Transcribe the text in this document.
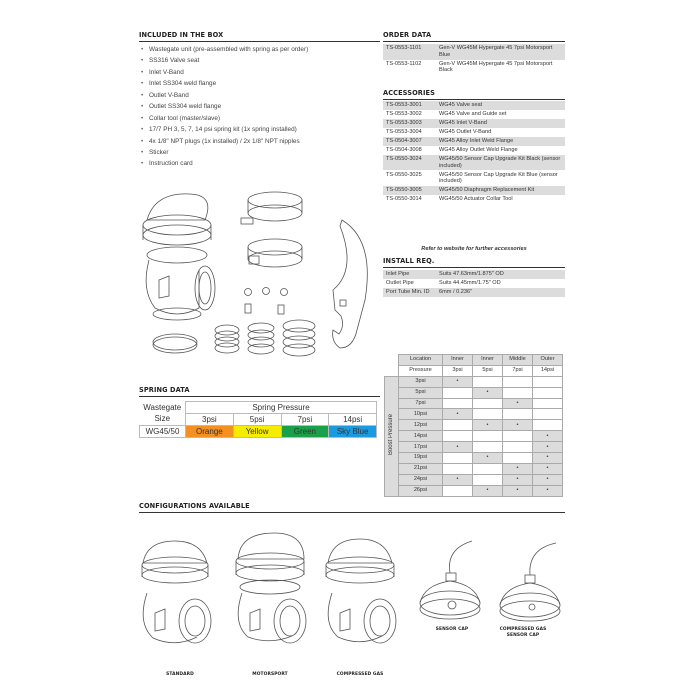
INCLUDED IN THE BOX
• Wastegate unit (pre-assembled with spring as per order)
• SS316 Valve seat
• Inlet V-Band
• Inlet SS304 weld flange
• Outlet V-Band
• Outlet SS304 weld flange
• Collar tool (master/slave)
• 17/7 PH 3, 5, 7, 14 psi spring kit (1x spring installed)
• 4x 1/8" NPT plugs (1x installed) / 2x 1/8" NPT nipples
• Sticker
• Instruction card
ORDER DATA
TS-0553-1101	Gen-V WG45M Hypergate 45 7psi Motorsport Blue
TS-0553-1102	Gen-V WG45M Hypergate 45 7psi Motorsport Black
ACCESSORIES
TS-0553-3001	WG45 Valve seat
TS-0553-3002	WG45 Valve and Guide set
TS-0553-3003	WG45 Inlet V-Band
TS-0553-3004	WG45 Outlet V-Band
TS-0504-3007	WG45 Alloy Inlet Weld Flange
TS-0504-3008	WG45 Alloy Outlet Weld Flange
TS-0550-3024	WG45/50 Sensor Cap Upgrade Kit Black (sensor included)
TS-0550-3025	WG45/50 Sensor Cap Upgrade Kit Blue (sensor included)
TS-0550-3005	WG45/50 Diaphragm Replacement Kit
TS-0550-3014	WG45/50 Actuator Collar Tool
Refer to website for further accessories
INSTALL REQ.
Inlet Pipe	Suits 47.63mm/1.875" OD
Outlet Pipe	Suits 44.45mm/1.75" OD
Port Tube Min. ID	6mm / 0.236"
SPRING DATA
Wastegate Size	Spring Pressure			
	3psi	5psi	7psi	14psi
WG45/50	Orange	Yellow	Green	Sky Blue
	Location	Inner	Inner	Middle	Outer
	Pressure	3psi	5psi	7psi	14psi
Boost Pressure	3psi	•			
	5psi		•		
	7psi			•	
	10psi	•			
	12psi		•	•	
	14psi				•
	17psi	•			•
	19psi		•		•
	21psi			•	•
	24psi	•		•	•
	26psi		•	•	•
CONFIGURATIONS AVAILABLE
STANDARD	MOTORSPORT	COMPRESSED GAS
SENSOR CAP	COMPRESSED GAS SENSOR CAP
